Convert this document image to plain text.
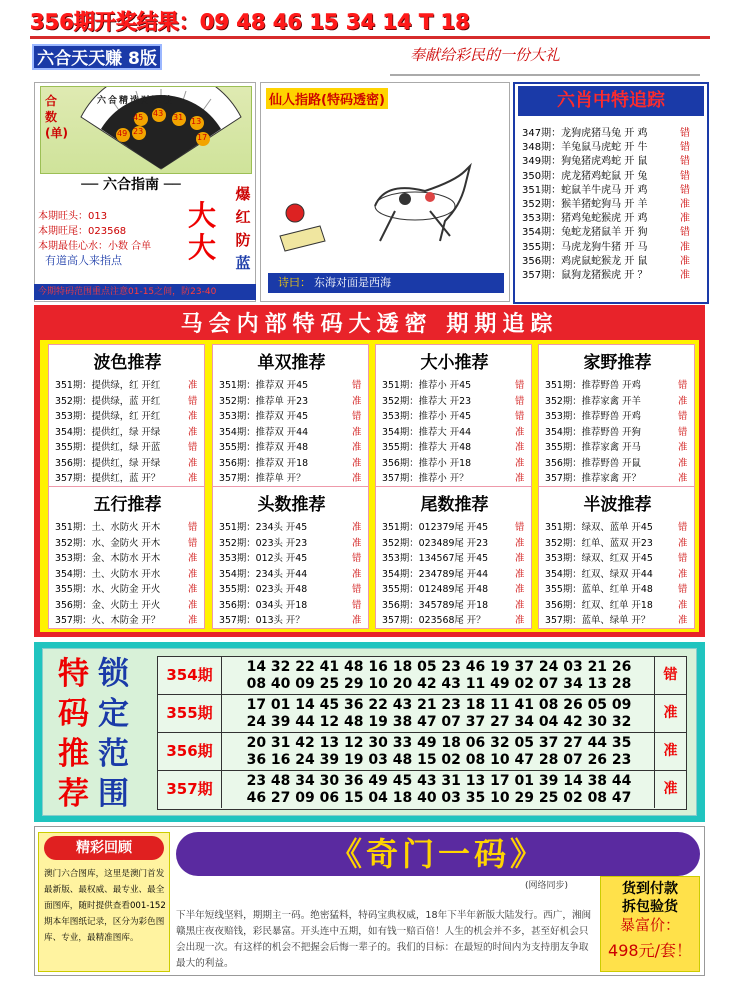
356期开奖结果：09 48 46 15 34 14 T 18
六合天天赚 8版	奉献给彩民的一份大礼
合数(单)
六合精选财运波
45 43 31 13
49 23
17
── 六合指南 ──
本期旺头：013
本期旺尾：023568
本期最佳心水：小数 合单
有道高人来指点
大
大
爆
红
防
蓝
今期特码范围重点注意01-15之间，防23-40
仙人指路(特码透密)
东海对面是西海
诗曰：
六肖中特追踪
347期：龙狗虎猪马兔 开 鸡	错
348期：羊兔鼠马虎蛇 开 牛	错
349期：狗兔猪虎鸡蛇 开 鼠	错
350期：虎龙猪鸡蛇鼠 开 兔	错
351期：蛇鼠羊牛虎马 开 鸡	错
352期：猴羊猪蛇狗马 开 羊	准
353期：猪鸡兔蛇猴虎 开 鸡	准
354期：兔蛇龙猪鼠羊 开 狗	错
355期：马虎龙狗牛猪 开 马	准
356期：鸡虎鼠蛇猴龙 开 鼠	准
357期：鼠狗龙猪猴虎 开 ？	准
马会内部特码大透密 期期追踪
波色推荐
351期：提供绿，红 开红	准
352期：提供绿，蓝 开红	错
353期：提供绿，红 开红	准
354期：提供红，绿 开绿	准
355期：提供红，绿 开蓝	错
356期：提供红，绿 开绿	准
357期：提供红，蓝 开？	准
单双推荐
351期：推荐双 开45	错
352期：推荐单 开23	准
353期：推荐双 开45	错
354期：推荐双 开44	准
355期：推荐双 开48	准
356期：推荐双 开18	准
357期：推荐单 开？	准
大小推荐
351期：推荐小 开45	错
352期：推荐大 开23	错
353期：推荐小 开45	错
354期：推荐大 开44	准
355期：推荐大 开48	准
356期：推荐小 开18	准
357期：推荐小 开？	准
家野推荐
351期：推荐野兽 开鸡	错
352期：推荐家禽 开羊	准
353期：推荐野兽 开鸡	错
354期：推荐野兽 开狗	错
355期：推荐家禽 开马	准
356期：推荐野兽 开鼠	准
357期：推荐家禽 开？	准
五行推荐
351期：土、水防火 开木	错
352期：水、金防火 开木	错
353期：金、木防水 开木	准
354期：土、火防水 开水	准
355期：水、火防金 开火	准
356期：金、火防土 开火	准
357期：火、木防金 开？	准
头数推荐
351期：234头 开45	准
352期：023头 开23	准
353期：012头 开45	错
354期：234头 开44	准
355期：023头 开48	错
356期：034头 开18	错
357期：013头 开？	准
尾数推荐
351期：012379尾 开45	错
352期：023489尾 开23	准
353期：134567尾 开45	准
354期：234789尾 开44	准
355期：012489尾 开48	准
356期：345789尾 开18	准
357期：023568尾 开？	准
半波推荐
351期：绿双、蓝单 开45	错
352期：红单、蓝双 开23	准
353期：绿双、红双 开45	错
354期：红双、绿双 开44	准
355期：蓝单、红单 开48	错
356期：红双、红单 开18	准
357期：蓝单、绿单 开？	准
特
码
推
荐
锁
定
范
围
354期	14 32 22 41 48 16 18 05 23 46 19 37 24 03 21 26
08 40 09 25 29 10 20 42 43 11 49 02 07 34 13 28
错
355期	17 01 14 45 36 22 43 21 23 18 11 41 08 26 05 09
24 39 44 12 48 19 38 47 07 37 27 34 04 42 30 32
准
356期	20 31 42 13 12 30 33 49 18 06 32 05 37 27 44 35
36 16 24 39 19 03 48 15 02 08 10 47 28 07 26 23
准
357期	23 48 34 30 36 49 45 43 31 13 17 01 39 14 38 44
46 27 09 06 15 04 18 40 03 35 10 29 25 02 08 47
准
精彩回顾
澳门六合图库，这里是澳门首发最新版、最权威、最专业、最全面图库，随时提供查看001-152期本年图纸记录，区分为彩色图库、专业，最精准图库。
《奇门一码》
(网络同步)
下半年短线坚料，期期主一码。绝密猛料，特码宝典权威，18年下半年新版大陆发行。西广，湘闽赣黑庄夜夜赔钱，彩民暴富。开头连中五期，如有钱一赔百倍！人生的机会并不多，甚至好机会只会出现一次。有这样的机会不把握会后悔一辈子的。我们的目标：在最短的时间内为支持朋友争取最大的利益。
货到付款
拆包验货
暴富价：
498元/套！
